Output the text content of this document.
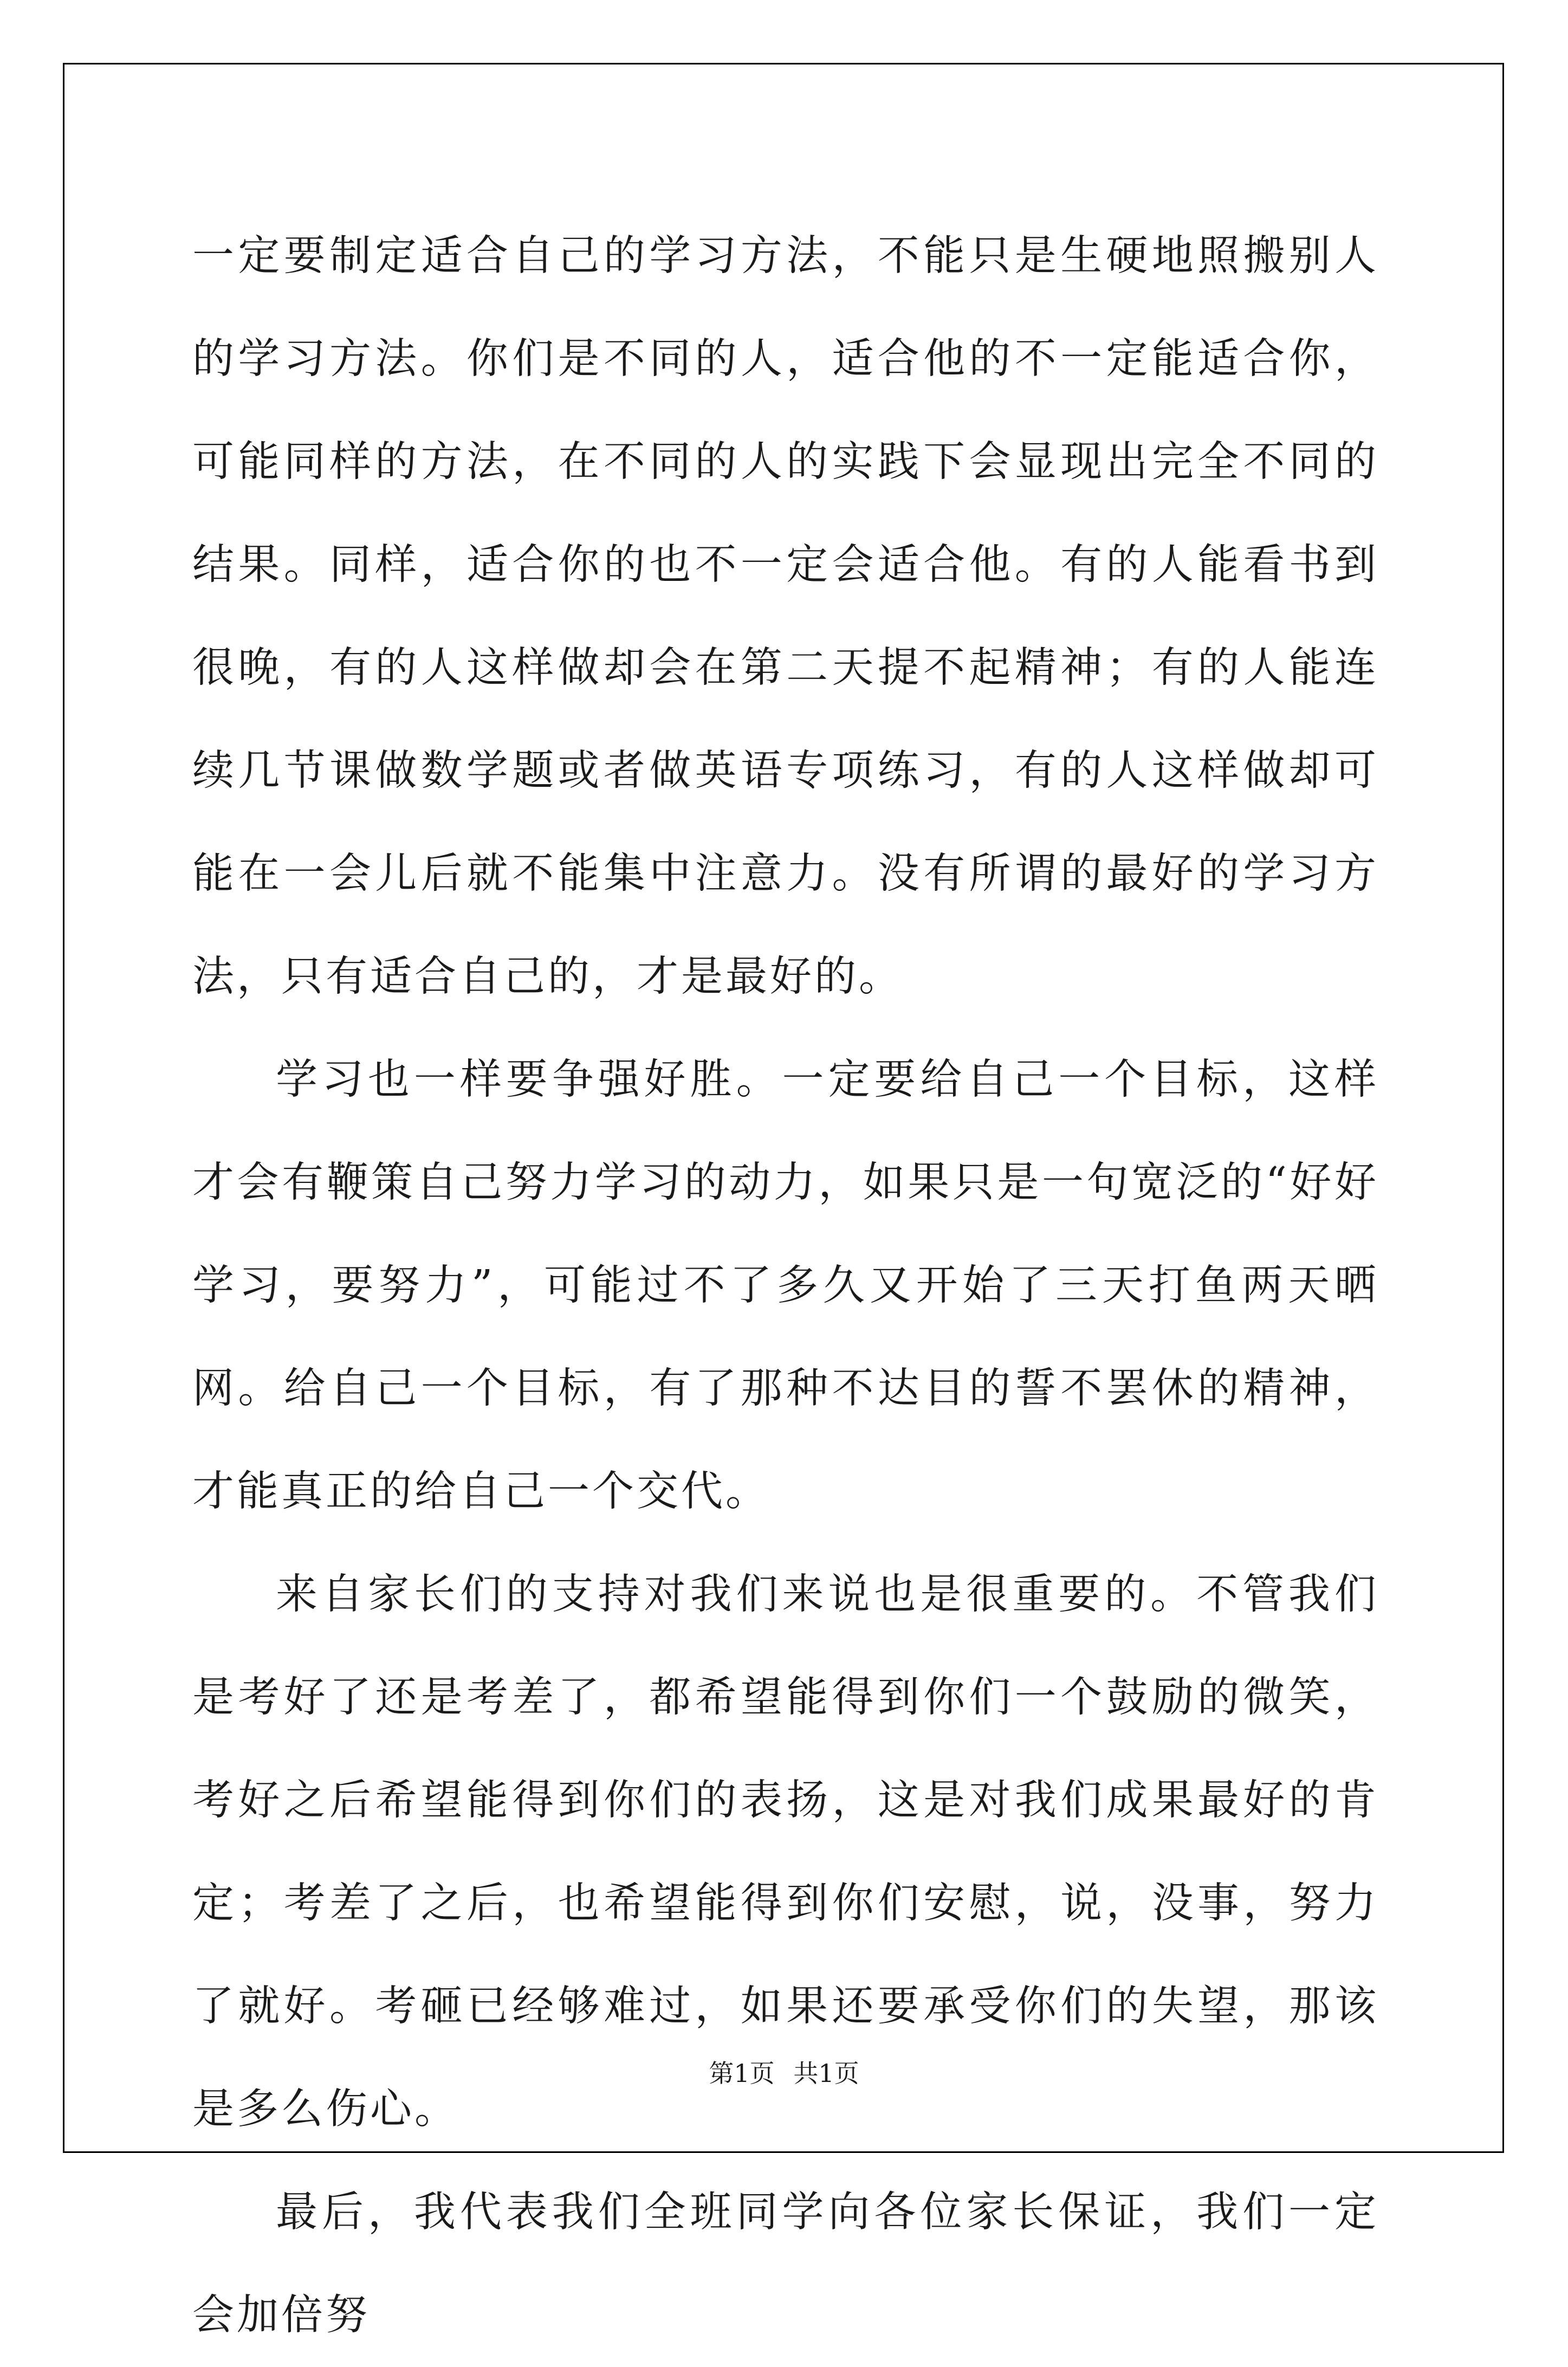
一定要制定适合自己的学习方法，不能只是生硬地照搬别人的学习方法。你们是不同的人，适合他的不一定能适合你，可能同样的方法，在不同的人的实践下会显现出完全不同的结果。同样，适合你的也不一定会适合他。有的人能看书到很晚，有的人这样做却会在第二天提不起精神；有的人能连续几节课做数学题或者做英语专项练习，有的人这样做却可能在一会儿后就不能集中注意力。没有所谓的最好的学习方法，只有适合自己的，才是最好的。

学习也一样要争强好胜。一定要给自己一个目标，这样才会有鞭策自己努力学习的动力，如果只是一句宽泛的“好好学习，要努力”，可能过不了多久又开始了三天打鱼两天晒网。给自己一个目标，有了那种不达目的誓不罢休的精神，才能真正的给自己一个交代。

来自家长们的支持对我们来说也是很重要的。不管我们是考好了还是考差了，都希望能得到你们一个鼓励的微笑，考好之后希望能得到你们的表扬，这是对我们成果最好的肯定；考差了之后，也希望能得到你们安慰，说，没事，努力了就好。考砸已经够难过，如果还要承受你们的失望，那该是多么伤心。

最后，我代表我们全班同学向各位家长保证，我们一定会加倍努

第1页 共1页
